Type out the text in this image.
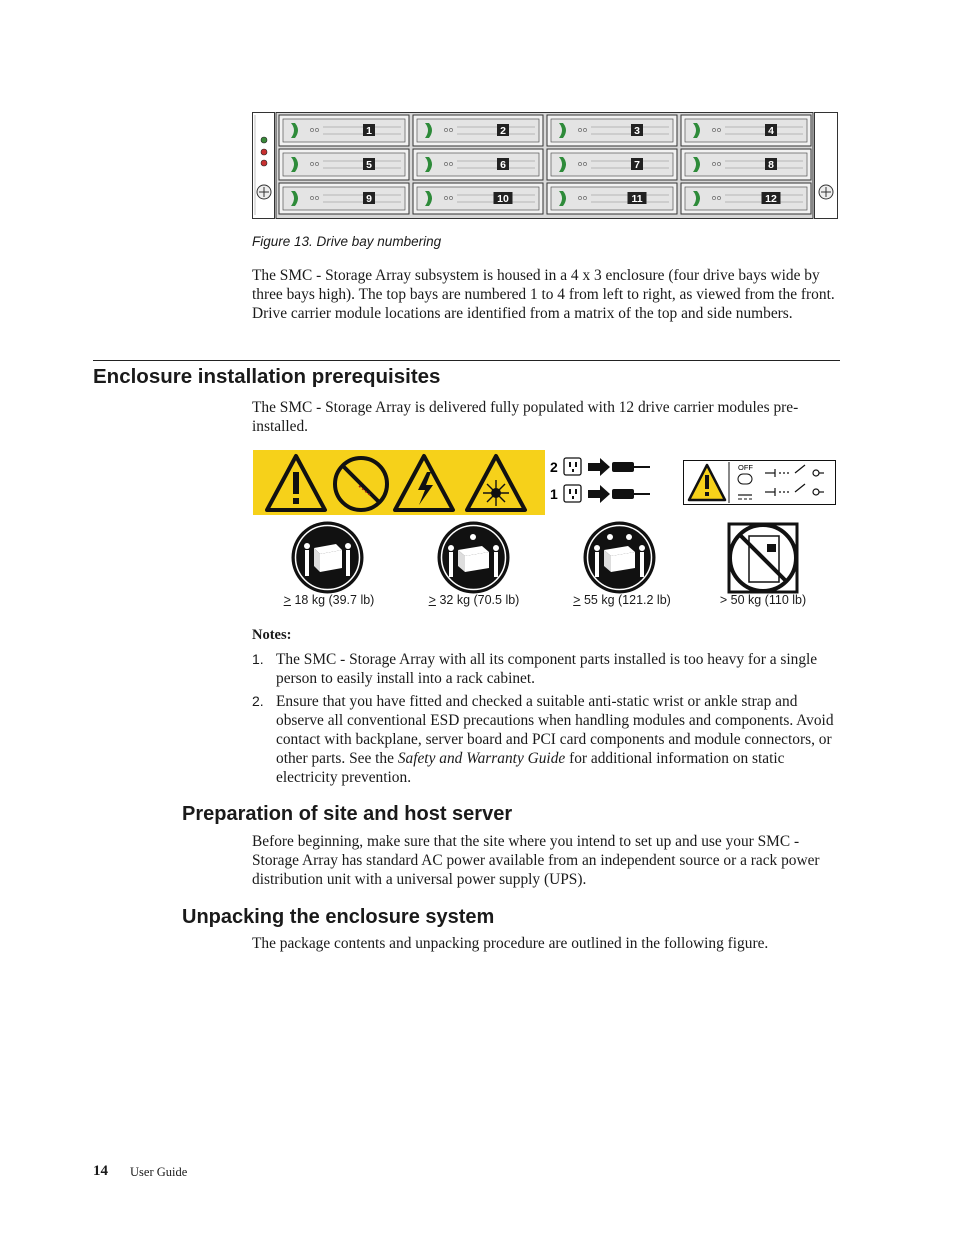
1	2	3	4
5	6	7	8
9	10	11	12
Figure 13. Drive bay numbering
The SMC - Storage Array subsystem is housed in a 4 x 3 enclosure (four drive bays wide by three bays high). The top bays are numbered 1 to 4 from left to right, as viewed from the front. Drive carrier module locations are identified from a matrix of the top and side numbers.
Enclosure installation prerequisites
The SMC - Storage Array is delivered fully populated with 12 drive carrier modules pre-installed.
2
1
OFF
> 18 kg (39.7 lb)	> 32 kg (70.5 lb)	> 55 kg (121.2 lb)	> 50 kg (110 lb)
Notes:
1. The SMC - Storage Array with all its component parts installed is too heavy for a single person to easily install into a rack cabinet.
2. Ensure that you have fitted and checked a suitable anti-static wrist or ankle strap and observe all conventional ESD precautions when handling modules and components. Avoid contact with backplane, server board and PCI card components and module connectors, or other parts. See the Safety and Warranty Guide for additional information on static electricity prevention.
Preparation of site and host server
Before beginning, make sure that the site where you intend to set up and use your SMC - Storage Array has standard AC power available from an independent source or a rack power distribution unit with a universal power supply (UPS).
Unpacking the enclosure system
The package contents and unpacking procedure are outlined in the following figure.
14 User Guide
